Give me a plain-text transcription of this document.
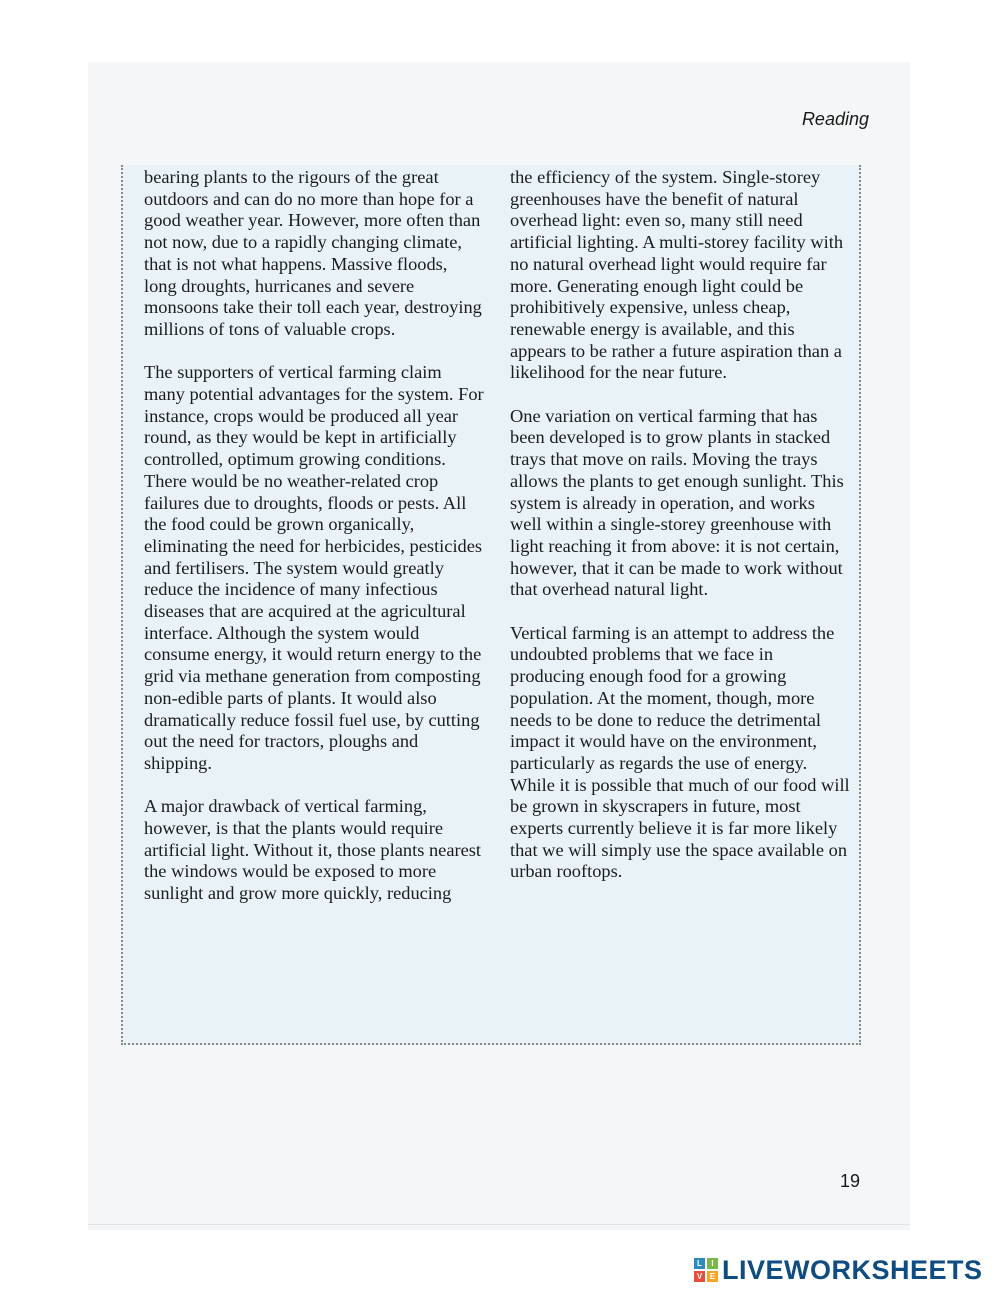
Reading

bearing plants to the rigours of the great outdoors and can do no more than hope for a good weather year. However, more often than not now, due to a rapidly changing climate, that is not what happens. Massive floods, long droughts, hurricanes and severe monsoons take their toll each year, destroying millions of tons of valuable crops.

The supporters of vertical farming claim many potential advantages for the system. For instance, crops would be produced all year round, as they would be kept in artificially controlled, optimum growing conditions. There would be no weather-related crop failures due to droughts, floods or pests. All the food could be grown organically, eliminating the need for herbicides, pesticides and fertilisers. The system would greatly reduce the incidence of many infectious diseases that are acquired at the agricultural interface. Although the system would consume energy, it would return energy to the grid via methane generation from composting non-edible parts of plants. It would also dramatically reduce fossil fuel use, by cutting out the need for tractors, ploughs and shipping.

A major drawback of vertical farming, however, is that the plants would require artificial light. Without it, those plants nearest the windows would be exposed to more sunlight and grow more quickly, reducing

the efficiency of the system. Single-storey greenhouses have the benefit of natural overhead light: even so, many still need artificial lighting. A multi-storey facility with no natural overhead light would require far more. Generating enough light could be prohibitively expensive, unless cheap, renewable energy is available, and this appears to be rather a future aspiration than a likelihood for the near future.

One variation on vertical farming that has been developed is to grow plants in stacked trays that move on rails. Moving the trays allows the plants to get enough sunlight. This system is already in operation, and works well within a single-storey greenhouse with light reaching it from above: it is not certain, however, that it can be made to work without that overhead natural light.

Vertical farming is an attempt to address the undoubted problems that we face in producing enough food for a growing population. At the moment, though, more needs to be done to reduce the detrimental impact it would have on the environment, particularly as regards the use of energy. While it is possible that much of our food will be grown in skyscrapers in future, most experts currently believe it is far more likely that we will simply use the space available on urban rooftops.

19
L	I
V E LIVEWORKSHEETS
